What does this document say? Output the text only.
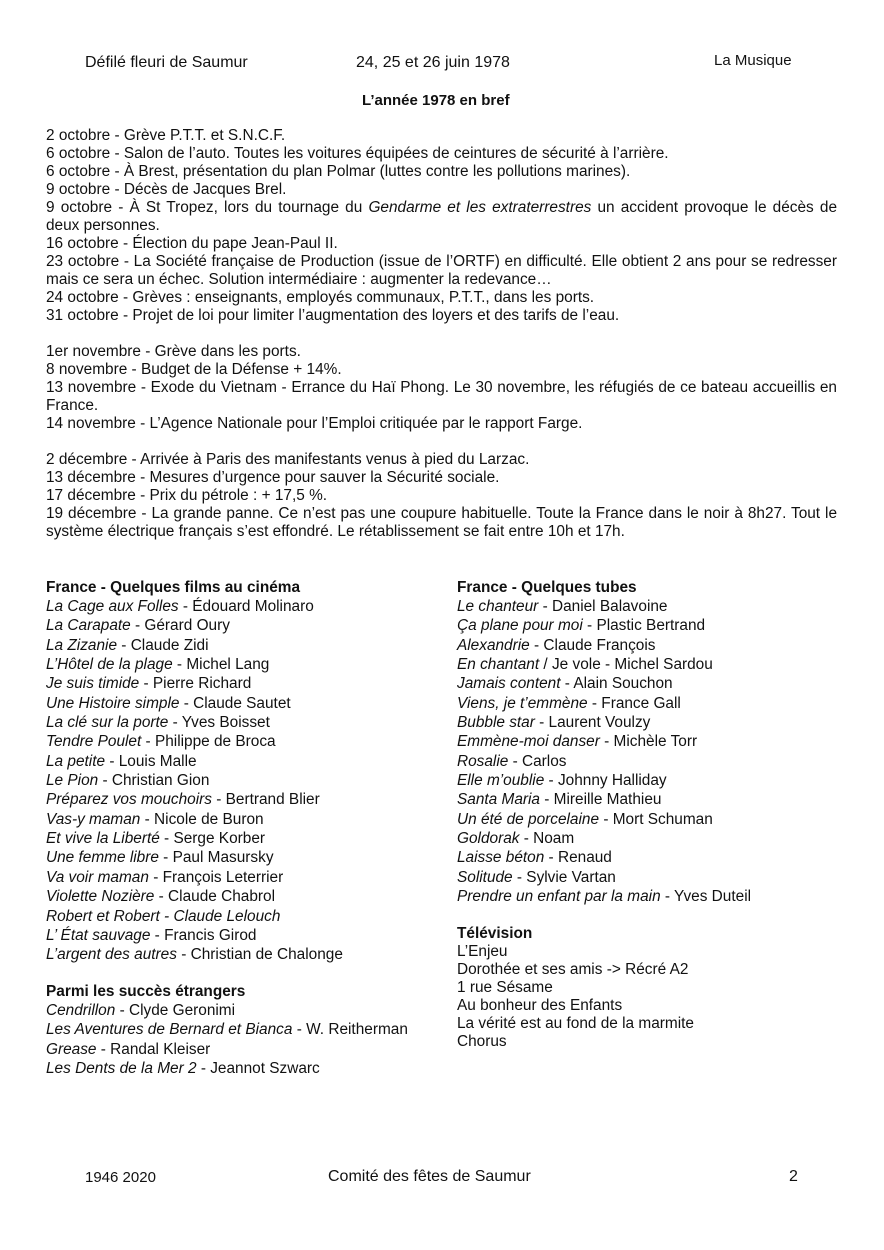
Défilé fleuri de Saumur	24, 25 et 26 juin 1978	La Musique
L’année 1978 en bref

2 octobre - Grève P.T.T. et S.N.C.F.

6 octobre - Salon de l’auto. Toutes les voitures équipées de ceintures de sécurité à l’arrière.

6 octobre - À Brest, présentation du plan Polmar (luttes contre les pollutions marines).

9 octobre - Décès de Jacques Brel.

9 octobre - À St Tropez, lors du tournage du Gendarme et les extraterrestres un accident provoque le décès de deux personnes.

16 octobre - Élection du pape Jean-Paul II.

23 octobre - La Société française de Production (issue de l’ORTF) en difficulté. Elle obtient 2 ans pour se redresser mais ce sera un échec. Solution intermédiaire : augmenter la redevance…

24 octobre - Grèves : enseignants, employés communaux, P.T.T., dans les ports.

31 octobre - Projet de loi pour limiter l’augmentation des loyers et des tarifs de l’eau.

1er novembre - Grève dans les ports.

8 novembre - Budget de la Défense + 14%.

13 novembre - Exode du Vietnam - Errance du Haï Phong. Le 30 novembre, les réfugiés de ce bateau accueillis en France.

14 novembre - L’Agence Nationale pour l’Emploi critiquée par le rapport Farge.

2 décembre - Arrivée à Paris des manifestants venus à pied du Larzac.

13 décembre - Mesures d’urgence pour sauver la Sécurité sociale.

17 décembre - Prix du pétrole : + 17,5 %.

19 décembre - La grande panne. Ce n’est pas une coupure habituelle. Toute la France dans le noir à 8h27. Tout le système électrique français s’est effondré. Le rétablissement se fait entre 10h et 17h.

France - Quelques films au cinéma
La Cage aux Folles - Édouard Molinaro
La Carapate - Gérard Oury
La Zizanie - Claude Zidi
L’Hôtel de la plage - Michel Lang
Je suis timide - Pierre Richard
Une Histoire simple - Claude Sautet
La clé sur la porte - Yves Boisset
Tendre Poulet - Philippe de Broca
La petite - Louis Malle
Le Pion - Christian Gion
Préparez vos mouchoirs - Bertrand Blier
Vas-y maman - Nicole de Buron
Et vive la Liberté - Serge Korber
Une femme libre - Paul Masursky
Va voir maman - François Leterrier
Violette Nozière - Claude Chabrol
Robert et Robert - Claude Lelouch
L’ État sauvage - Francis Girod
L’argent des autres - Christian de Chalonge
Parmi les succès étrangers
Cendrillon - Clyde Geronimi
Les Aventures de Bernard et Bianca - W. Reitherman
Grease - Randal Kleiser
Les Dents de la Mer 2 - Jeannot Szwarc
France - Quelques tubes
Le chanteur - Daniel Balavoine
Ça plane pour moi - Plastic Bertrand
Alexandrie - Claude François
En chantant / Je vole - Michel Sardou
Jamais content - Alain Souchon
Viens, je t’emmène - France Gall
Bubble star - Laurent Voulzy
Emmène-moi danser - Michèle Torr
Rosalie - Carlos
Elle m’oublie - Johnny Halliday
Santa Maria - Mireille Mathieu
Un été de porcelaine - Mort Schuman
Goldorak - Noam
Laisse béton - Renaud
Solitude - Sylvie Vartan
Prendre un enfant par la main - Yves Duteil
Télévision
L’Enjeu
Dorothée et ses amis -> Récré A2
1 rue Sésame
Au bonheur des Enfants
La vérité est au fond de la marmite
Chorus
1946 2020	Comité des fêtes de Saumur	2
